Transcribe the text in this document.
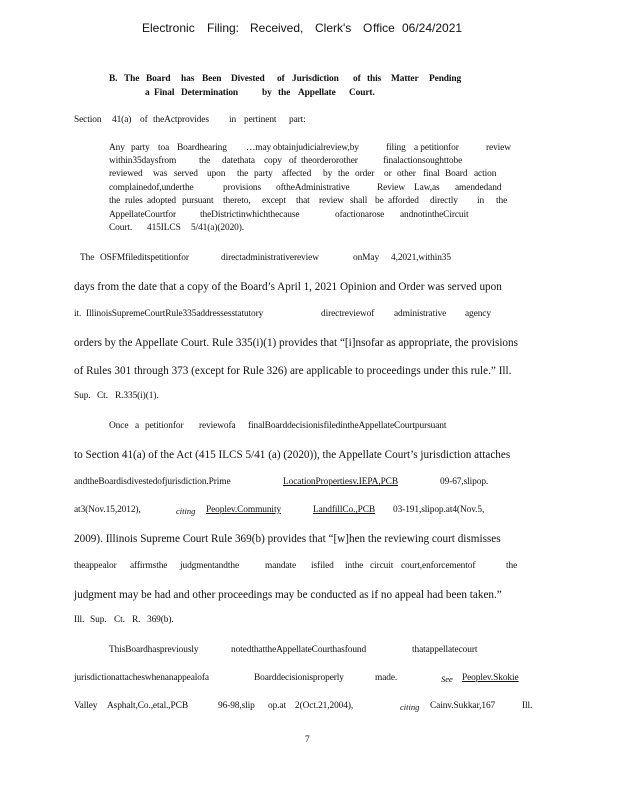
Electronic Filing: Received, Clerk's O ffice 06/24/2021
B. The Board has Been Divested of Jurisdiction of this Matter Pending
a Final Determination	by the Appellate Court.
Section 41(a) of theActprovides in pertinent part:
Any party toa Boardhearing …may obtainjudicialreview,by	filing a petitionfor	review
within35daysfrom the datethata copy of theorderorother	finalactionsoughttobe
reviewed was served upon the party affected by the order or other final Board action
complainedof,underthe	provisions oftheAdministrative	Review Law,as amendedand
the rules adopted pursuant thereto, except that review shall be afforded directly in the
AppellateCourtfor	theDistrictinwhichthecause	ofactionarose andnotintheCircuit
Court. 415ILCS 5/41(a)(2020).
The OSFMfileditspetitionfor	directadministrativereview	onMay 4,2021,within35
days from the date that a copy of the Board’s April 1, 2021 Opinion and Order was served upon
it. IllinoisSupremeCourtRule335addressesstatutory	directreviewof administrative agency
orders by the Appellate Court. Rule 335(i)(1) provides that “[i]nsofar as appropriate, the provisions
of Rules 301 through 373 (except for Rule 326) are applicable to proceedings under this rule.” Ill.
Sup. Ct. R.335(i)(1).
Once a petitionfor reviewofa finalBoarddecisionisfiledintheAppellateCourtpursuant
to Section 41(a) of the Act (415 ILCS 5/41 (a) (2020)), the Appellate Court’s jurisdiction attaches
andtheBoardisdivestedofjurisdiction.Prime	LocationPropertiesv.IEPA,PCB	09-67,slipop.
at3(Nov.15,2012),	citing Peoplev.Community	LandfillCo.,PCB 03-191,slipop.at4(Nov.5,
2009). Illinois Supreme Court Rule 369(b) provides that “[w]hen the reviewing court dismisses
theappealor affirmsthe judgmentandthe	mandate isfiled inthe circuit court,enforcementof	the
judgment may be had and other proceedings may be conducted as if no appeal had been taken.”
Ill. Sup. Ct. R. 369(b).
ThisBoardhaspreviously	notedthattheAppellateCourthasfound	thatappellatecourt
jurisdictionattacheswhenanappealofa	Boarddecisionisproperly	made.	See Peoplev.Skokie
Valley Asphalt,Co.,etal.,PCB	96-98,slip op.at 2(Oct.21,2004),	citing Cainv.Sukkar,167	Ill.
7
